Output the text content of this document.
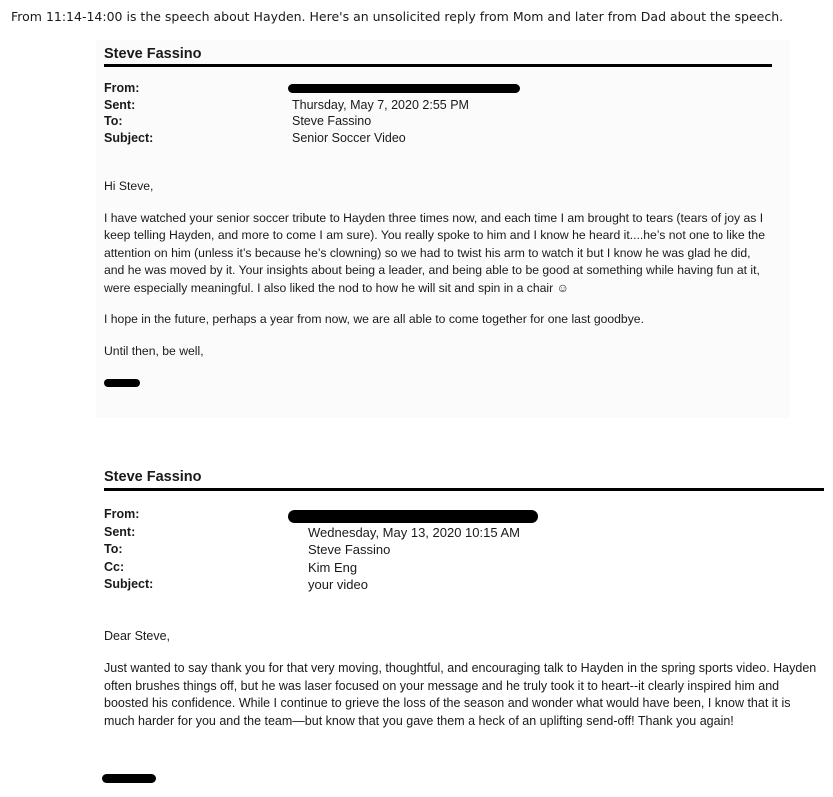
From 11:14-14:00 is the speech about Hayden. Here's an unsolicited reply from Mom and later from Dad about the speech.
Steve Fassino
From:
Sent:	Thursday, May 7, 2020 2:55 PM
To:	Steve Fassino
Subject:	Senior Soccer Video

Hi Steve,

I have watched your senior soccer tribute to Hayden three times now, and each time I am brought to tears (tears of joy as I keep telling Hayden, and more to come I am sure). You really spoke to him and I know he heard it....he’s not one to like the attention on him (unless it’s because he’s clowning) so we had to twist his arm to watch it but I know he was glad he did, and he was moved by it. Your insights about being a leader, and being able to be good at something while having fun at it, were especially meaningful. I also liked the nod to how he will sit and spin in a chair ☺

I hope in the future, perhaps a year from now, we are all able to come together for one last goodbye.

Until then, be well,

Steve Fassino
From:
Sent:	Wednesday, May 13, 2020 10:15 AM
To:	Steve Fassino
Cc:	Kim Eng
Subject:	your video

Dear Steve,

Just wanted to say thank you for that very moving, thoughtful, and encouraging talk to Hayden in the spring sports video. Hayden often brushes things off, but he was laser focused on your message and he truly took it to heart--it clearly inspired him and boosted his confidence. While I continue to grieve the loss of the season and wonder what would have been, I know that it is much harder for you and the team—but know that you gave them a heck of an uplifting send-off! Thank you again!
